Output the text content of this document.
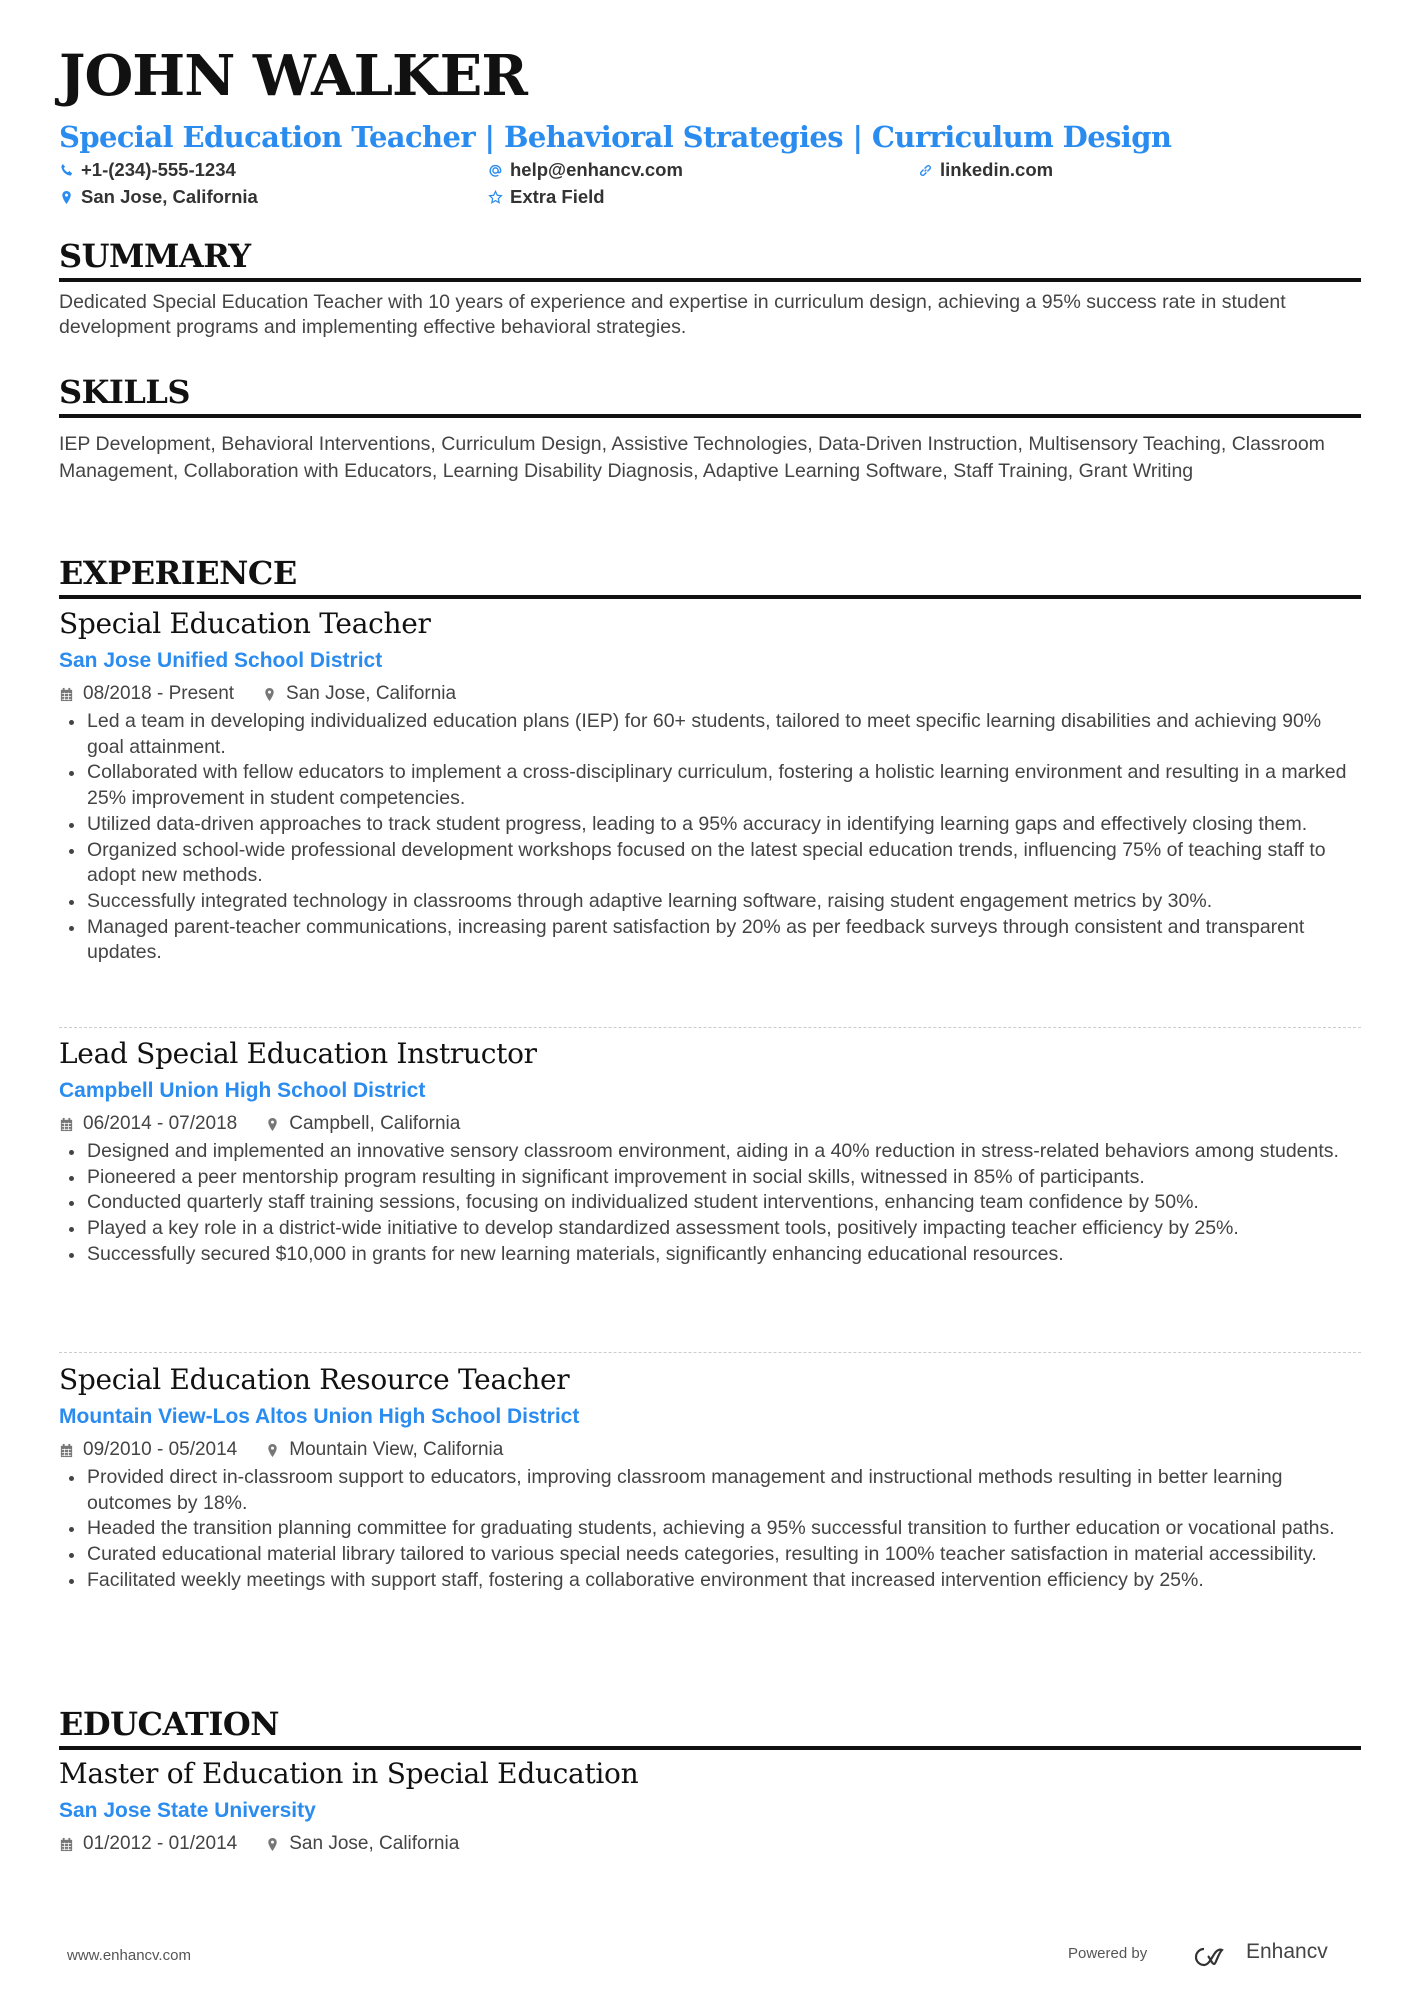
JOHN WALKER
Special Education Teacher | Behavioral Strategies | Curriculum Design
+1-(234)-555-1234	help@enhancv.com	linkedin.com
San Jose, California	Extra Field
SUMMARY
Dedicated Special Education Teacher with 10 years of experience and expertise in curriculum design, achieving a 95% success rate in student development programs and implementing effective behavioral strategies.
SKILLS
IEP Development, Behavioral Interventions, Curriculum Design, Assistive Technologies, Data-Driven Instruction, Multisensory Teaching, Classroom Management, Collaboration with Educators, Learning Disability Diagnosis, Adaptive Learning Software, Staff Training, Grant Writing
EXPERIENCE
Special Education Teacher
San Jose Unified School District
08/2018 - Present	San Jose, California
Led a team in developing individualized education plans (IEP) for 60+ students, tailored to meet specific learning disabilities and achieving 90% goal attainment.
Collaborated with fellow educators to implement a cross-disciplinary curriculum, fostering a holistic learning environment and resulting in a marked 25% improvement in student competencies.
Utilized data-driven approaches to track student progress, leading to a 95% accuracy in identifying learning gaps and effectively closing them.
Organized school-wide professional development workshops focused on the latest special education trends, influencing 75% of teaching staff to adopt new methods.
Successfully integrated technology in classrooms through adaptive learning software, raising student engagement metrics by 30%.
Managed parent-teacher communications, increasing parent satisfaction by 20% as per feedback surveys through consistent and transparent updates.
Lead Special Education Instructor
Campbell Union High School District
06/2014 - 07/2018	Campbell, California
Designed and implemented an innovative sensory classroom environment, aiding in a 40% reduction in stress-related behaviors among students.
Pioneered a peer mentorship program resulting in significant improvement in social skills, witnessed in 85% of participants.
Conducted quarterly staff training sessions, focusing on individualized student interventions, enhancing team confidence by 50%.
Played a key role in a district-wide initiative to develop standardized assessment tools, positively impacting teacher efficiency by 25%.
Successfully secured $10,000 in grants for new learning materials, significantly enhancing educational resources.
Special Education Resource Teacher
Mountain View-Los Altos Union High School District
09/2010 - 05/2014	Mountain View, California
Provided direct in-classroom support to educators, improving classroom management and instructional methods resulting in better learning outcomes by 18%.
Headed the transition planning committee for graduating students, achieving a 95% successful transition to further education or vocational paths.
Curated educational material library tailored to various special needs categories, resulting in 100% teacher satisfaction in material accessibility.
Facilitated weekly meetings with support staff, fostering a collaborative environment that increased intervention efficiency by 25%.
EDUCATION
Master of Education in Special Education
San Jose State University
01/2012 - 01/2014	San Jose, California
www.enhancv.com	Powered by	Enhancv
